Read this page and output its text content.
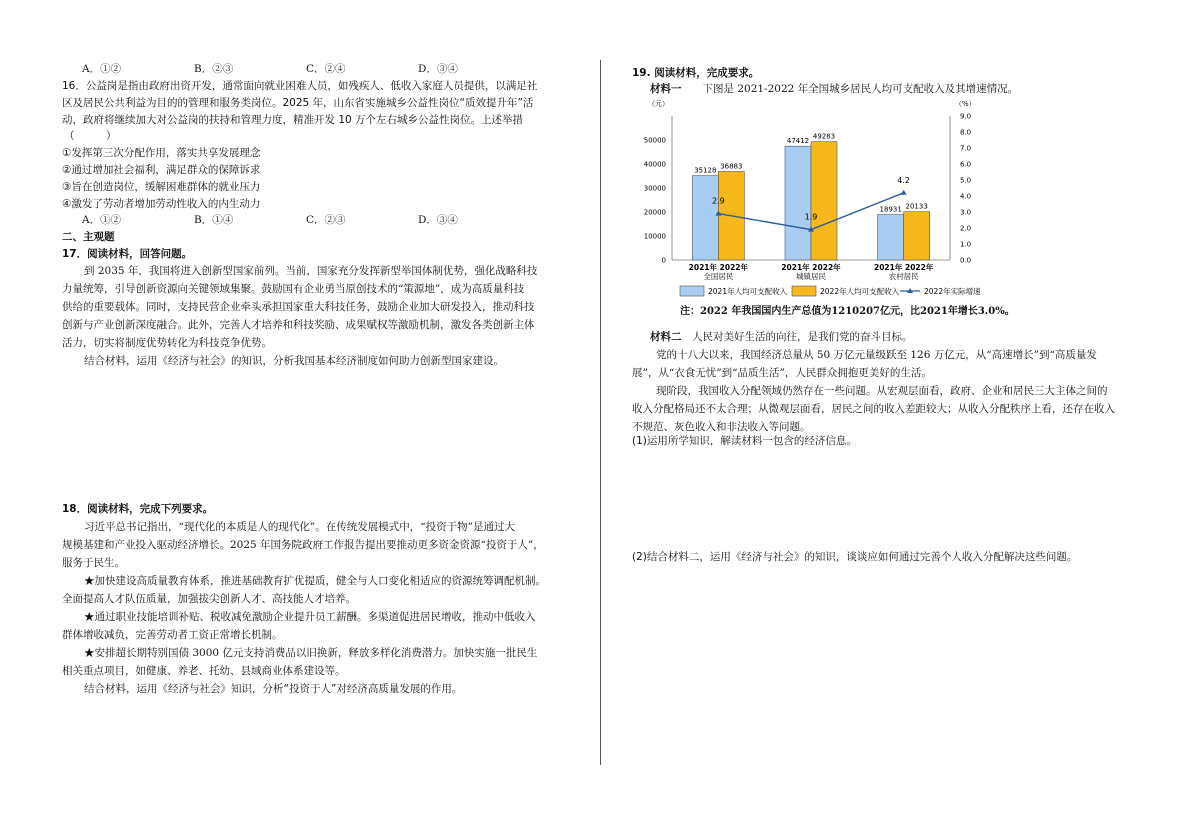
A．①②	B．②③	C．②④	D．③④
16．公益岗是指由政府出资开发，通常面向就业困难人员，如残疾人、低收入家庭人员提供，以满足社
区及居民公共利益为目的的管理和服务类岗位。2025 年，山东省实施城乡公益性岗位“质效提升年”活
动，政府将继续加大对公益岗的扶持和管理力度，精准开发 10 万个左右城乡公益性岗位。上述举措
（　　　）
①发挥第三次分配作用，落实共享发展理念
②通过增加社会福利，满足群众的保障诉求
③旨在创造岗位，缓解困难群体的就业压力
④激发了劳动者增加劳动性收入的内生动力
A．①②	B．①④	C．②③	D．③④
二、主观题
17．阅读材料，回答问题。
到 2035 年，我国将进入创新型国家前列。当前，国家充分发挥新型举国体制优势，强化战略科技
力量统筹，引导创新资源向关键领域集聚。鼓励国有企业勇当原创技术的“策源地”，成为高质量科技
供给的重要载体。同时，支持民营企业牵头承担国家重大科技任务，鼓励企业加大研发投入，推动科技
创新与产业创新深度融合。此外，完善人才培养和科技奖励、成果赋权等激励机制，激发各类创新主体
活力，切实将制度优势转化为科技竞争优势。
结合材料，运用《经济与社会》的知识，分析我国基本经济制度如何助力创新型国家建设。
18．阅读材料，完成下列要求。
习近平总书记指出，“现代化的本质是人的现代化”。在传统发展模式中，“投资于物”是通过大
规模基建和产业投入驱动经济增长。2025 年国务院政府工作报告提出要推动更多资金资源“投资于人”，
服务于民生。
★加快建设高质量教育体系，推进基础教育扩优提质，健全与人口变化相适应的资源统筹调配机制。
全面提高人才队伍质量，加强拔尖创新人才、高技能人才培养。
★通过职业技能培训补贴、税收减免激励企业提升员工薪酬。多渠道促进居民增收，推动中低收入
群体增收减负，完善劳动者工资正常增长机制。
★安排超长期特别国债 3000 亿元支持消费品以旧换新，释放多样化消费潜力。加快实施一批民生
相关重点项目，如健康、养老、托幼、县域商业体系建设等。
结合材料，运用《经济与社会》知识，分析“投资于人”对经济高质量发展的作用。
19. 阅读材料，完成要求。
材料一　　 下图是 2021-2022 年全国城乡居民人均可支配收入及其增速情况。
（元）	（%）
0
10000
20000
30000
40000
50000
0.0
1.0
2.0
3.0
4.0
5.0
6.0
7.0
8.0
9.0
35128
36883
2021年 2022年
全国居民
47412
49283
2021年 2022年
城镇居民
18931 20133
2021年 2022年
农村居民
2.9
1.9
4.2
2021年人均可支配收入	2022年人均可支配收入	2022年实际增速
注：2022 年我国国内生产总值为1210207亿元，比2021年增长3.0%。
材料二　 人民对美好生活的向往，是我们党的奋斗目标。
党的十八大以来，我国经济总量从 50 万亿元量级跃至 126 万亿元，从“高速增长”到“高质量发
展”，从“衣食无忧”到“品质生活”，人民群众拥抱更美好的生活。
现阶段，我国收入分配领域仍然存在一些问题。从宏观层面看，政府、企业和居民三大主体之间的
收入分配格局还不太合理；从微观层面看，居民之间的收入差距较大；从收入分配秩序上看，还存在收入
不规范、灰色收入和非法收入等问题。
(1)运用所学知识，解读材料一包含的经济信息。
(2)结合材料二，运用《经济与社会》的知识，谈谈应如何通过完善个人收入分配解决这些问题。
